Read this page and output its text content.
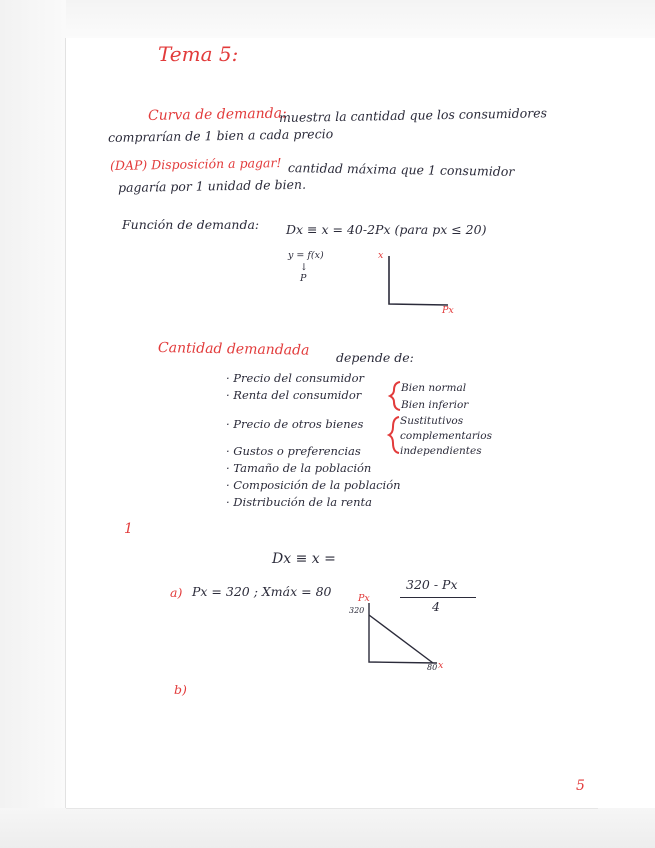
Tema 5:
Curva de demanda:
muestra la cantidad que los consumidores
comprarían de 1 bien a cada precio
(DAP) Disposición a pagar! cantidad máxima que 1 consumidor
pagaría por 1 unidad de bien.
Función de demanda: Dx ≡ x = 40-2Px (para px ≤ 20)
y = f(x)
↓
P
x
Px
Cantidad demandada depende de:
· Precio del consumidor
· Renta del consumidor
· Precio de otros bienes
· Gustos o preferencias
· Tamaño de la población
· Composición de la población
· Distribución de la renta
Bien normal
Bien inferior
Sustitutivos
complementarios
independientes
1
Dx ≡ x =
320 - Px
4
a) Px = 320 ; Xmáx = 80	Px
320
80 x
b)
5
